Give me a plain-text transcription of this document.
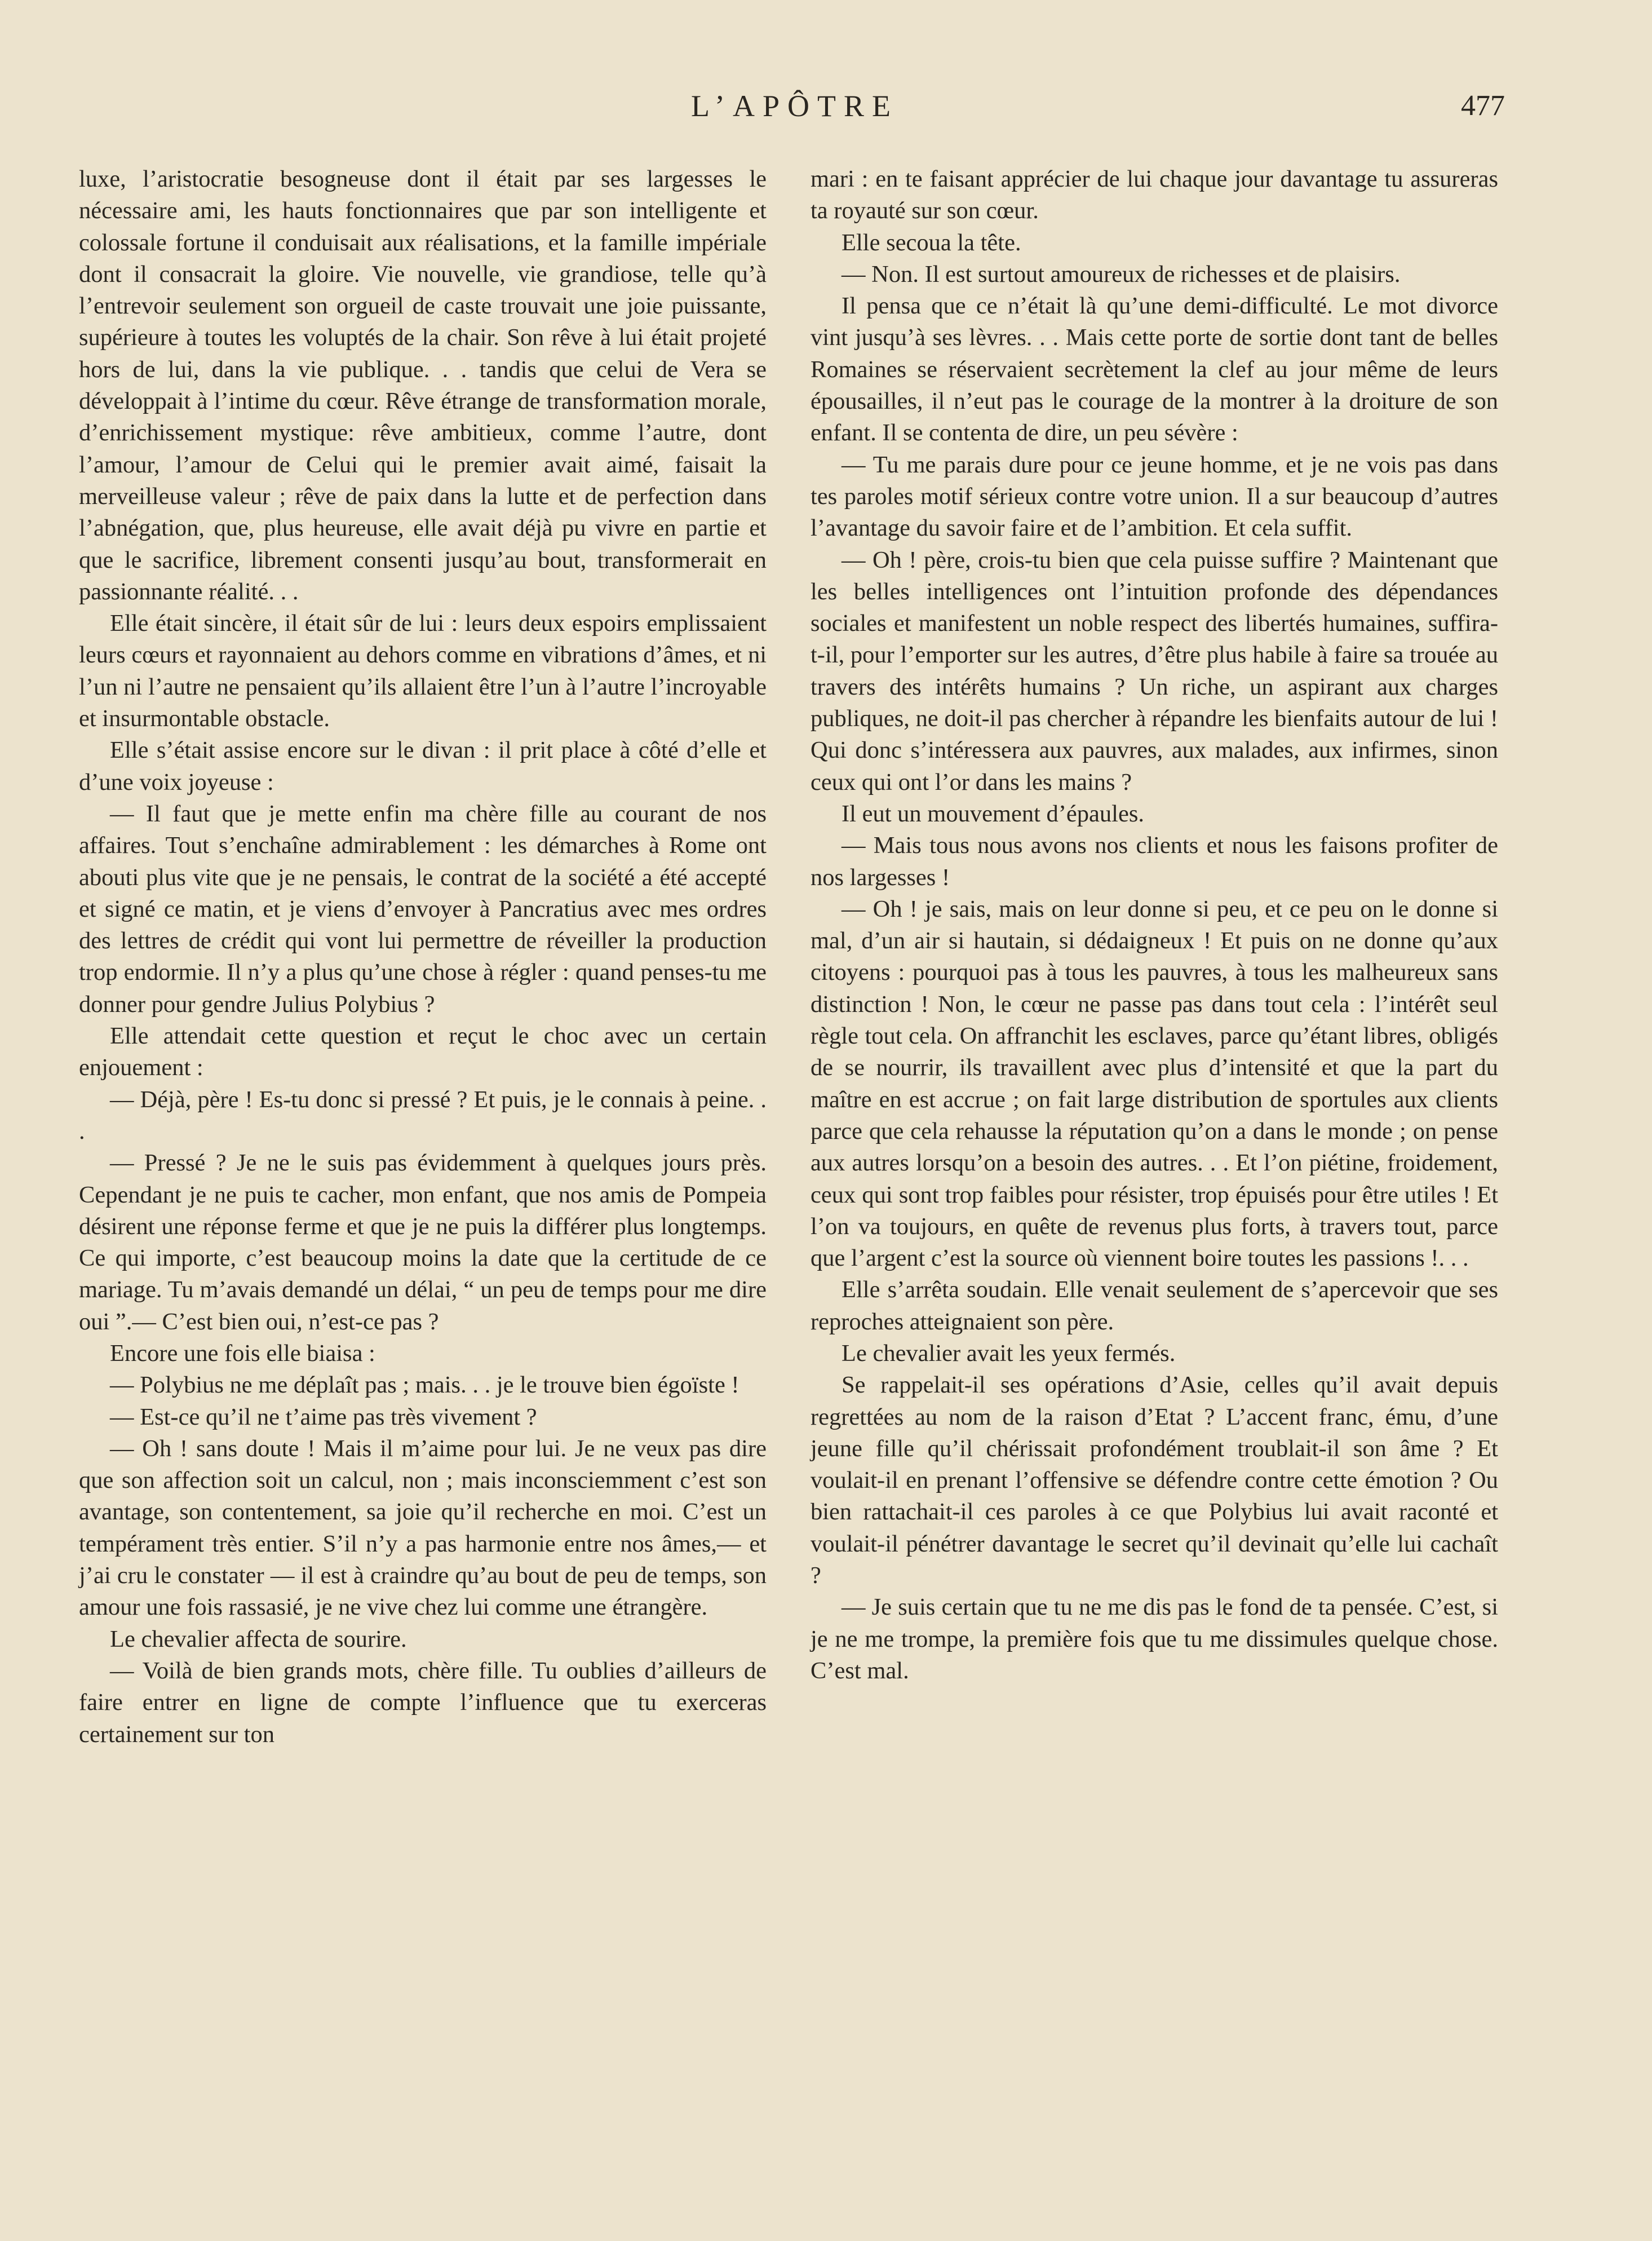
L’APÔTRE	477

luxe, l’aristocratie besogneuse dont il était par ses largesses le nécessaire ami, les hauts fonctionnaires que par son intelligente et colossale fortune il conduisait aux réalisations, et la famille impériale dont il consacrait la gloire. Vie nouvelle, vie grandiose, telle qu’à l’entrevoir seulement son orgueil de caste trouvait une joie puissante, supérieure à toutes les voluptés de la chair. Son rêve à lui était projeté hors de lui, dans la vie publique. . . tandis que celui de Vera se développait à l’intime du cœur. Rêve étrange de transformation morale, d’enrichissement mystique: rêve ambitieux, comme l’autre, dont l’amour, l’amour de Celui qui le premier avait aimé, faisait la merveilleuse valeur ; rêve de paix dans la lutte et de perfection dans l’abnégation, que, plus heureuse, elle avait déjà pu vivre en partie et que le sacrifice, librement consenti jusqu’au bout, transformerait en passionnante réalité. . .

Elle était sincère, il était sûr de lui : leurs deux espoirs emplissaient leurs cœurs et rayonnaient au dehors comme en vibrations d’âmes, et ni l’un ni l’autre ne pensaient qu’ils allaient être l’un à l’autre l’incroyable et insurmontable obstacle.

Elle s’était assise encore sur le divan : il prit place à côté d’elle et d’une voix joyeuse :

— Il faut que je mette enfin ma chère fille au courant de nos affaires. Tout s’enchaîne admirablement : les démarches à Rome ont abouti plus vite que je ne pensais, le contrat de la société a été accepté et signé ce matin, et je viens d’envoyer à Pancratius avec mes ordres des lettres de crédit qui vont lui permettre de réveiller la production trop endormie. Il n’y a plus qu’une chose à régler : quand penses-tu me donner pour gendre Julius Polybius ?

Elle attendait cette question et reçut le choc avec un certain enjouement :

— Déjà, père ! Es-tu donc si pressé ? Et puis, je le connais à peine. . .

— Pressé ? Je ne le suis pas évidemment à quelques jours près. Cependant je ne puis te cacher, mon enfant, que nos amis de Pompeia désirent une réponse ferme et que je ne puis la différer plus longtemps. Ce qui importe, c’est beaucoup moins la date que la certitude de ce mariage. Tu m’avais demandé un délai, “ un peu de temps pour me dire oui ”.— C’est bien oui, n’est-ce pas ?

Encore une fois elle biaisa :

— Polybius ne me déplaît pas ; mais. . . je le trouve bien égoïste !

— Est-ce qu’il ne t’aime pas très vivement ?

— Oh ! sans doute ! Mais il m’aime pour lui. Je ne veux pas dire que son affection soit un calcul, non ; mais inconsciemment c’est son avantage, son contentement, sa joie qu’il recherche en moi. C’est un tempérament très entier. S’il n’y a pas harmonie entre nos âmes,— et j’ai cru le constater — il est à craindre qu’au bout de peu de temps, son amour une fois rassasié, je ne vive chez lui comme une étrangère.

Le chevalier affecta de sourire.

— Voilà de bien grands mots, chère fille. Tu oublies d’ailleurs de faire entrer en ligne de compte l’influence que tu exerceras certainement sur ton

mari : en te faisant apprécier de lui chaque jour davantage tu assureras ta royauté sur son cœur.

Elle secoua la tête.

— Non. Il est surtout amoureux de richesses et de plaisirs.

Il pensa que ce n’était là qu’une demi-difficulté. Le mot divorce vint jusqu’à ses lèvres. . . Mais cette porte de sortie dont tant de belles Romaines se réservaient secrètement la clef au jour même de leurs épousailles, il n’eut pas le courage de la montrer à la droiture de son enfant. Il se contenta de dire, un peu sévère :

— Tu me parais dure pour ce jeune homme, et je ne vois pas dans tes paroles motif sérieux contre votre union. Il a sur beaucoup d’autres l’avantage du savoir faire et de l’ambition. Et cela suffit.

— Oh ! père, crois-tu bien que cela puisse suffire ? Maintenant que les belles intelligences ont l’intuition profonde des dépendances sociales et manifestent un noble respect des libertés humaines, suffira-t-il, pour l’emporter sur les autres, d’être plus habile à faire sa trouée au travers des intérêts humains ? Un riche, un aspirant aux charges publiques, ne doit-il pas chercher à répandre les bienfaits autour de lui ! Qui donc s’intéressera aux pauvres, aux malades, aux infirmes, sinon ceux qui ont l’or dans les mains ?

Il eut un mouvement d’épaules.

— Mais tous nous avons nos clients et nous les faisons profiter de nos largesses !

— Oh ! je sais, mais on leur donne si peu, et ce peu on le donne si mal, d’un air si hautain, si dédaigneux ! Et puis on ne donne qu’aux citoyens : pourquoi pas à tous les pauvres, à tous les malheureux sans distinction ! Non, le cœur ne passe pas dans tout cela : l’intérêt seul règle tout cela. On affranchit les esclaves, parce qu’étant libres, obligés de se nourrir, ils travaillent avec plus d’intensité et que la part du maître en est accrue ; on fait large distribution de sportules aux clients parce que cela rehausse la réputation qu’on a dans le monde ; on pense aux autres lorsqu’on a besoin des autres. . . Et l’on piétine, froidement, ceux qui sont trop faibles pour résister, trop épuisés pour être utiles ! Et l’on va toujours, en quête de revenus plus forts, à travers tout, parce que l’argent c’est la source où viennent boire toutes les passions !. . .

Elle s’arrêta soudain. Elle venait seulement de s’apercevoir que ses reproches atteignaient son père.

Le chevalier avait les yeux fermés.

Se rappelait-il ses opérations d’Asie, celles qu’il avait depuis regrettées au nom de la raison d’Etat ? L’accent franc, ému, d’une jeune fille qu’il chérissait profondément troublait-il son âme ? Et voulait-il en prenant l’offensive se défendre contre cette émotion ? Ou bien rattachait-il ces paroles à ce que Polybius lui avait raconté et voulait-il pénétrer davantage le secret qu’il devinait qu’elle lui cachaît ?

— Je suis certain que tu ne me dis pas le fond de ta pensée. C’est, si je ne me trompe, la première fois que tu me dissimules quelque chose. C’est mal.
